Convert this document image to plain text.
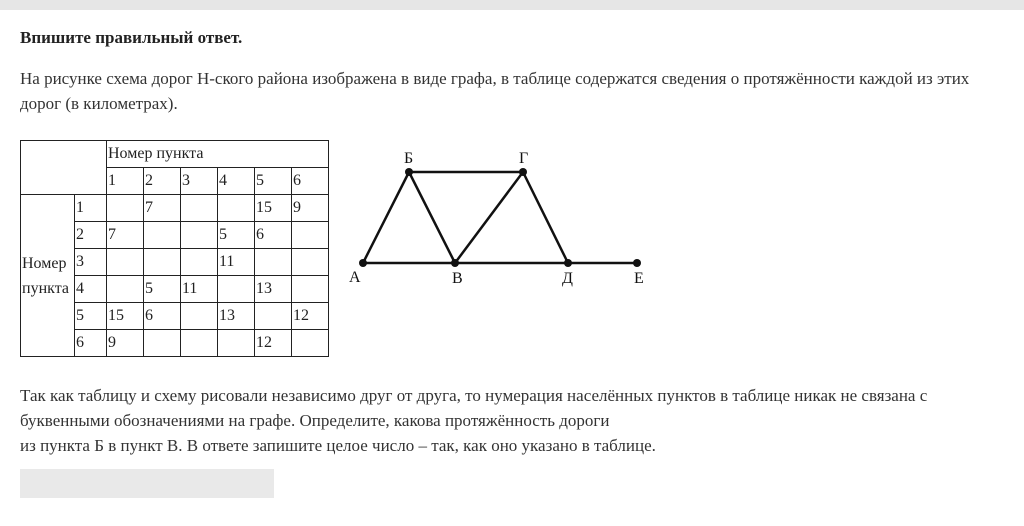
Впишите правильный ответ.
На рисунке схема дорог Н-ского района изображена в виде графа, в таблице содержатся сведения о протяжённости каждой из этих дорог (в километрах).
		Номер пункта					
		1	2	3	4	5	6
Номер
пункта	1		7			15	9
	2	7			5	6	
	3				11		
	4		5	11		13	
	5	15	6		13		12
	6	9				12	
А
Б	Г
В	Д	Е
Так как таблицу и схему рисовали независимо друг от друга, то нумерация населённых пунктов в таблице никак не связана с буквенными обозначениями на графе. Определите, какова протяжённость дороги
из пункта Б в пункт В. В ответе запишите целое число – так, как оно указано в таблице.
